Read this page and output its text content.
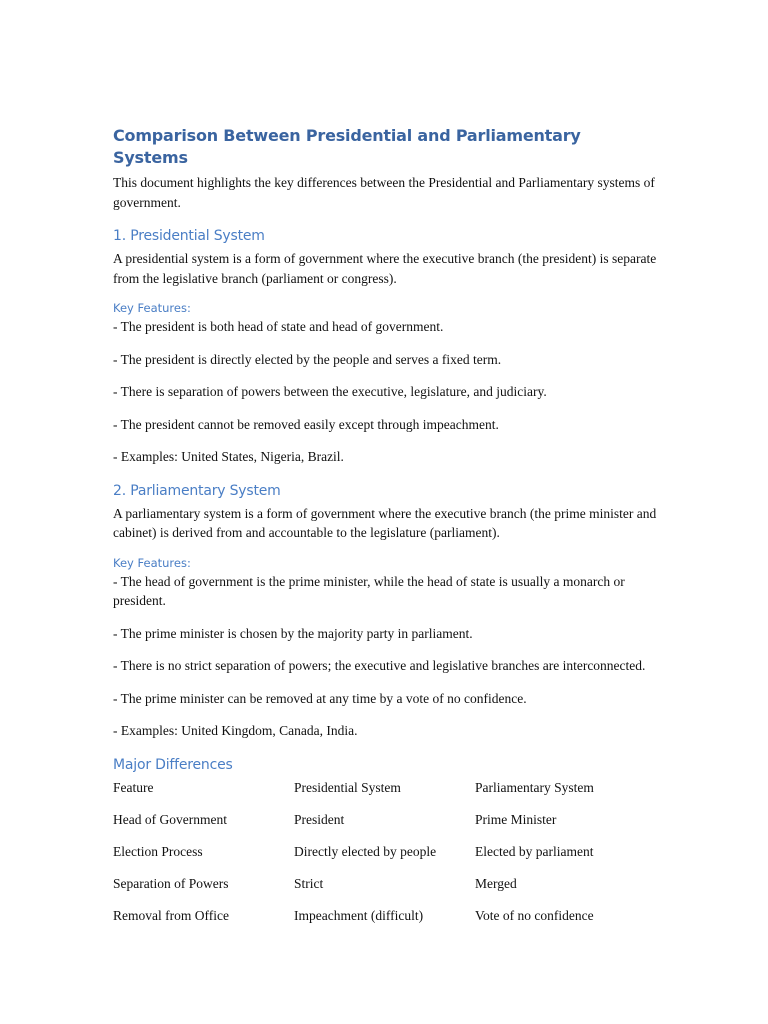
Comparison Between Presidential and Parliamentary Systems

This document highlights the key differences between the Presidential and Parliamentary systems of government.

1. Presidential System

A presidential system is a form of government where the executive branch (the president) is separate from the legislative branch (parliament or congress).

Key Features:

- The president is both head of state and head of government.

- The president is directly elected by the people and serves a fixed term.

- There is separation of powers between the executive, legislature, and judiciary.

- The president cannot be removed easily except through impeachment.

- Examples: United States, Nigeria, Brazil.

2. Parliamentary System

A parliamentary system is a form of government where the executive branch (the prime minister and cabinet) is derived from and accountable to the legislature (parliament).

Key Features:

- The head of government is the prime minister, while the head of state is usually a monarch or president.

- The prime minister is chosen by the majority party in parliament.

- There is no strict separation of powers; the executive and legislative branches are interconnected.

- The prime minister can be removed at any time by a vote of no confidence.

- Examples: United Kingdom, Canada, India.

Major Differences
Feature	Presidential System	Parliamentary System
Head of Government	President	Prime Minister
Election Process	Directly elected by people	Elected by parliament
Separation of Powers	Strict	Merged
Removal from Office	Impeachment (difficult)	Vote of no confidence
